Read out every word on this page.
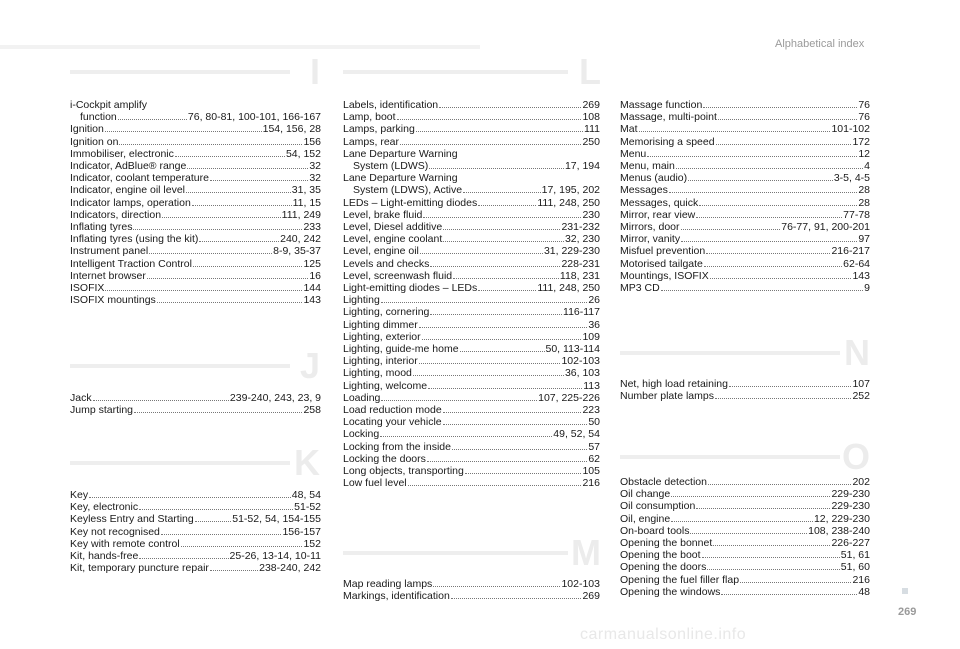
Alphabetical index
I
J
K
L
M
N
O
i-Cockpit amplify
function	76, 80-81, 100-101, 166-167
Ignition	154, 156, 28
Ignition on	156
Immobiliser, electronic	54, 152
Indicator, AdBlue® range	32
Indicator, coolant temperature	32
Indicator, engine oil level	31, 35
Indicator lamps, operation	11, 15
Indicators, direction	111, 249
Inflating tyres	233
Inflating tyres (using the kit)	240, 242
Instrument panel	8-9, 35-37
Intelligent Traction Control	125
Internet browser	16
ISOFIX	144
ISOFIX mountings	143
Jack	239-240, 243, 23, 9
Jump starting	258
Key	48, 54
Key, electronic	51-52
Keyless Entry and Starting	51-52, 54, 154-155
Key not recognised	156-157
Key with remote control	152
Kit, hands-free	25-26, 13-14, 10-11
Kit, temporary puncture repair	238-240, 242
Labels, identification	269
Lamp, boot	108
Lamps, parking	111
Lamps, rear	250
Lane Departure Warning
System (LDWS)	17, 194
Lane Departure Warning
System (LDWS), Active	17, 195, 202
LEDs – Light-emitting diodes	111, 248, 250
Level, brake fluid	230
Level, Diesel additive	231-232
Level, engine coolant	32, 230
Level, engine oil	31, 229-230
Levels and checks	228-231
Level, screenwash fluid	118, 231
Light-emitting diodes – LEDs	111, 248, 250
Lighting	26
Lighting, cornering	116-117
Lighting dimmer	36
Lighting, exterior	109
Lighting, guide-me home	50, 113-114
Lighting, interior	102-103
Lighting, mood	36, 103
Lighting, welcome	113
Loading	107, 225-226
Load reduction mode	223
Locating your vehicle	50
Locking	49, 52, 54
Locking from the inside	57
Locking the doors	62
Long objects, transporting	105
Low fuel level	216
Map reading lamps	102-103
Markings, identification	269
Massage function	76
Massage, multi-point	76
Mat	101-102
Memorising a speed	172
Menu	12
Menu, main	4
Menus (audio)	3-5, 4-5
Messages	28
Messages, quick	28
Mirror, rear view	77-78
Mirrors, door	76-77, 91, 200-201
Mirror, vanity	97
Misfuel prevention	216-217
Motorised tailgate	62-64
Mountings, ISOFIX	143
MP3 CD	9
Net, high load retaining	107
Number plate lamps	252
Obstacle detection	202
Oil change	229-230
Oil consumption	229-230
Oil, engine	12, 229-230
On-board tools	108, 238-240
Opening the bonnet	226-227
Opening the boot	51, 61
Opening the doors	51, 60
Opening the fuel filler flap	216
Opening the windows	48
269
carmanualsonline.info
